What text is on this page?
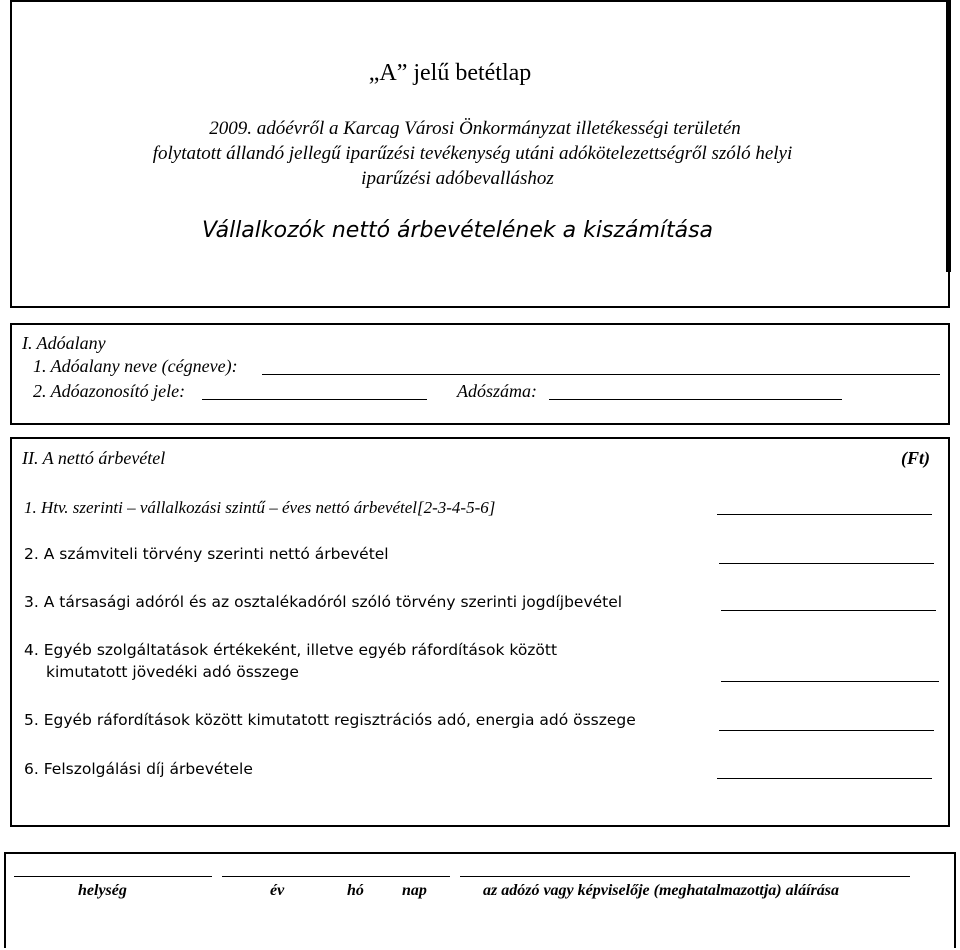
„A” jelű betétlap
2009. adóévről a Karcag Városi Önkormányzat illetékességi területén
folytatott állandó jellegű iparűzési tevékenység utáni adókötelezettségről szóló helyi
iparűzési adóbevalláshoz
Vállalkozók nettó árbevételének a kiszámítása
I. Adóalany
1. Adóalany neve (cégneve):
2. Adóazonosító jele:	Adószáma:
II. A nettó árbevétel	(Ft)
1. Htv. szerinti – vállalkozási szintű – éves nettó árbevétel[2-3-4-5-6]
2. A számviteli törvény szerinti nettó árbevétel
3. A társasági adóról és az osztalékadóról szóló törvény szerinti jogdíjbevétel
4. Egyéb szolgáltatások értékeként, illetve egyéb ráfordítások között
kimutatott jövedéki adó összege
5. Egyéb ráfordítások között kimutatott regisztrációs adó, energia adó összege
6. Felszolgálási díj árbevétele
helység	év	hó nap	az adózó vagy képviselője (meghatalmazottja) aláírása
